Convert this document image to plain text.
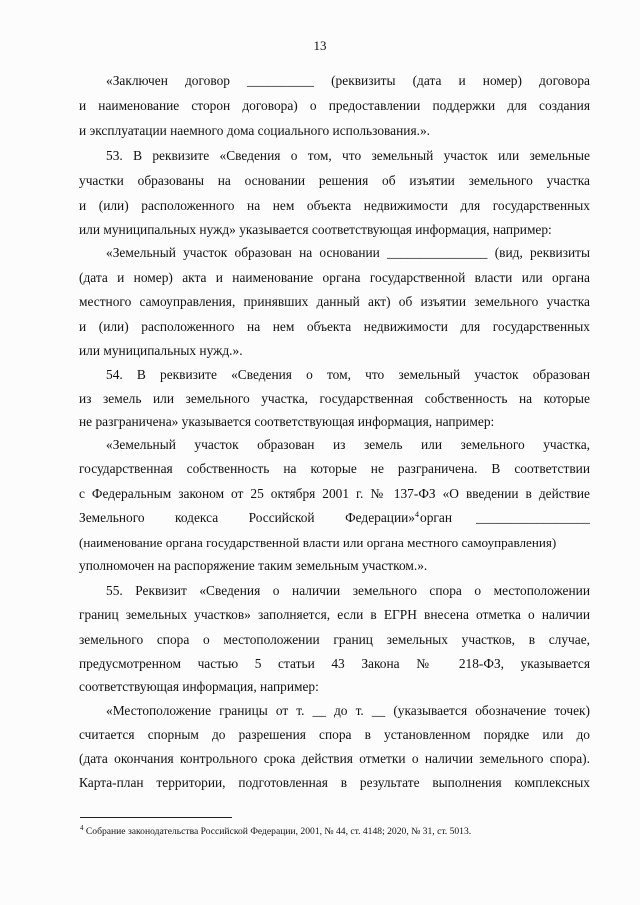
13
«Заключен договор __________ (реквизиты (дата и номер) договора
и наименование сторон договора) о предоставлении поддержки для создания
и эксплуатации наемного дома социального использования.».
53. В реквизите «Сведения о том, что земельный участок или земельные
участки образованы на основании решения об изъятии земельного участка
и (или) расположенного на нем объекта недвижимости для государственных
или муниципальных нужд» указывается соответствующая информация, например:
«Земельный участок образован на основании _______________ (вид, реквизиты
(дата и номер) акта и наименование органа государственной власти или органа
местного самоуправления, принявших данный акт) об изъятии земельного участка
и (или) расположенного на нем объекта недвижимости для государственных
или муниципальных нужд.».
54. В реквизите «Сведения о том, что земельный участок образован
из земель или земельного участка, государственная собственность на которые
не разграничена» указывается соответствующая информация, например:
«Земельный участок образован из земель или земельного участка,
государственная собственность на которые не разграничена. В соответствии
с Федеральным законом от 25 октября 2001 г. № 137-ФЗ «О введении в действие
Земельного кодекса Российской Федерации»$^4$ орган	_________________
(наименование органа государственной власти или органа местного самоуправления)
уполномочен на распоряжение таким земельным участком.».
55. Реквизит «Сведения о наличии земельного спора о местоположении
границ земельных участков» заполняется, если в ЕГРН внесена отметка о наличии
земельного спора о местоположении границ земельных участков, в случае,
предусмотренном частью 5 статьи 43 Закона № 218-ФЗ, указывается
соответствующая информация, например:
«Местоположение границы от т. __ до т. __ (указывается обозначение точек)
считается спорным до разрешения спора в установленном порядке или до
(дата окончания контрольного срока действия отметки о наличии земельного спора).
Карта-план территории, подготовленная в результате выполнения комплексных
$^4$ Собрание законодательства Российской Федерации, 2001, № 44, ст. 4148; 2020, № 31, ст. 5013.
